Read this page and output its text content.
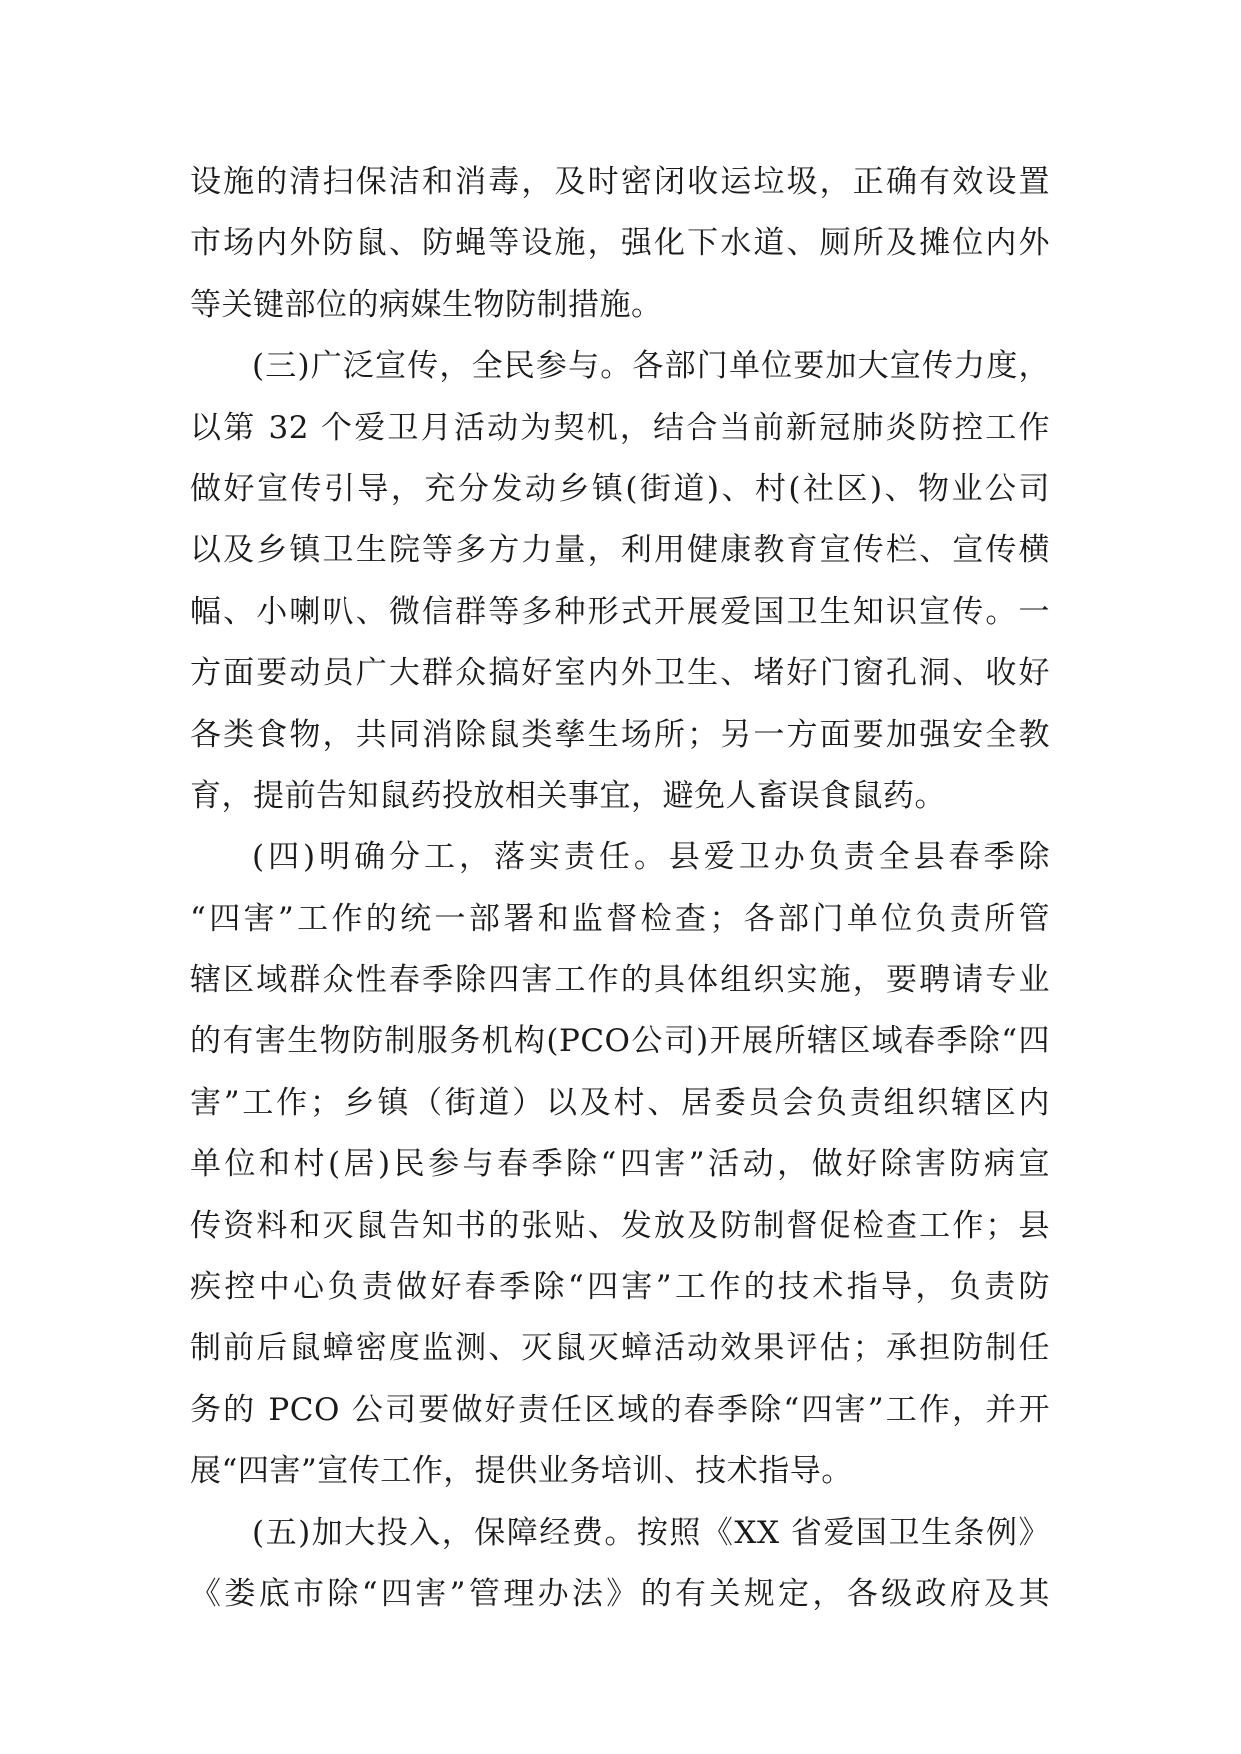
设施的清扫保洁和消毒，及时密闭收运垃圾，正确有效设置
市场内外防鼠、防蝇等设施，强化下水道、厕所及摊位内外
等关键部位的病媒生物防制措施。
(三)广泛宣传，全民参与。各部门单位要加大宣传力度，
以第 32 个爱卫月活动为契机，结合当前新冠肺炎防控工作
做好宣传引导，充分发动乡镇(街道)、村(社区)、物业公司
以及乡镇卫生院等多方力量，利用健康教育宣传栏、宣传横
幅、小喇叭、微信群等多种形式开展爱国卫生知识宣传。一
方面要动员广大群众搞好室内外卫生、堵好门窗孔洞、收好
各类食物，共同消除鼠类孳生场所；另一方面要加强安全教
育，提前告知鼠药投放相关事宜，避免人畜误食鼠药。
(四)明确分工，落实责任。县爱卫办负责全县春季除
“四害”工作的统一部署和监督检查；各部门单位负责所管
辖区域群众性春季除四害工作的具体组织实施，要聘请专业
的有害生物防制服务机构(PCO公司)开展所辖区域春季除“四
害”工作；乡镇（街道）以及村、居委员会负责组织辖区内
单位和村(居)民参与春季除“四害”活动，做好除害防病宣
传资料和灭鼠告知书的张贴、发放及防制督促检查工作；县
疾控中心负责做好春季除“四害”工作的技术指导，负责防
制前后鼠蟑密度监测、灭鼠灭蟑活动效果评估；承担防制任
务的 PCO 公司要做好责任区域的春季除“四害”工作，并开
展“四害”宣传工作，提供业务培训、技术指导。
(五)加大投入，保障经费。按照《XX 省爱国卫生条例》
《娄底市除“四害”管理办法》的有关规定，各级政府及其
